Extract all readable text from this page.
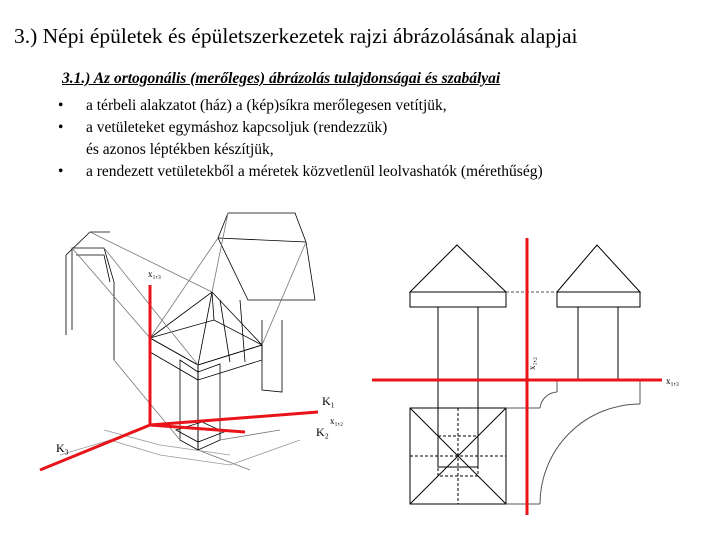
3.) Népi épületek és épületszerkezetek rajzi ábrázolásának alapjai
3.1.) Az ortogonális (merőleges) ábrázolás tulajdonságai és szabályai
• a térbeli alakzatot (ház) a (kép)síkra merőlegesen vetítjük,
• a vetületeket egymáshoz kapcsoljuk (rendezzük)
és azonos léptékben készítjük,
• a rendezett vetületekből a méretek közvetlenül leolvashatók (mérethűség)
x₁,₃
K₁
x₁,₂
K₃
K₂
x₁,₂
x₁,₃
